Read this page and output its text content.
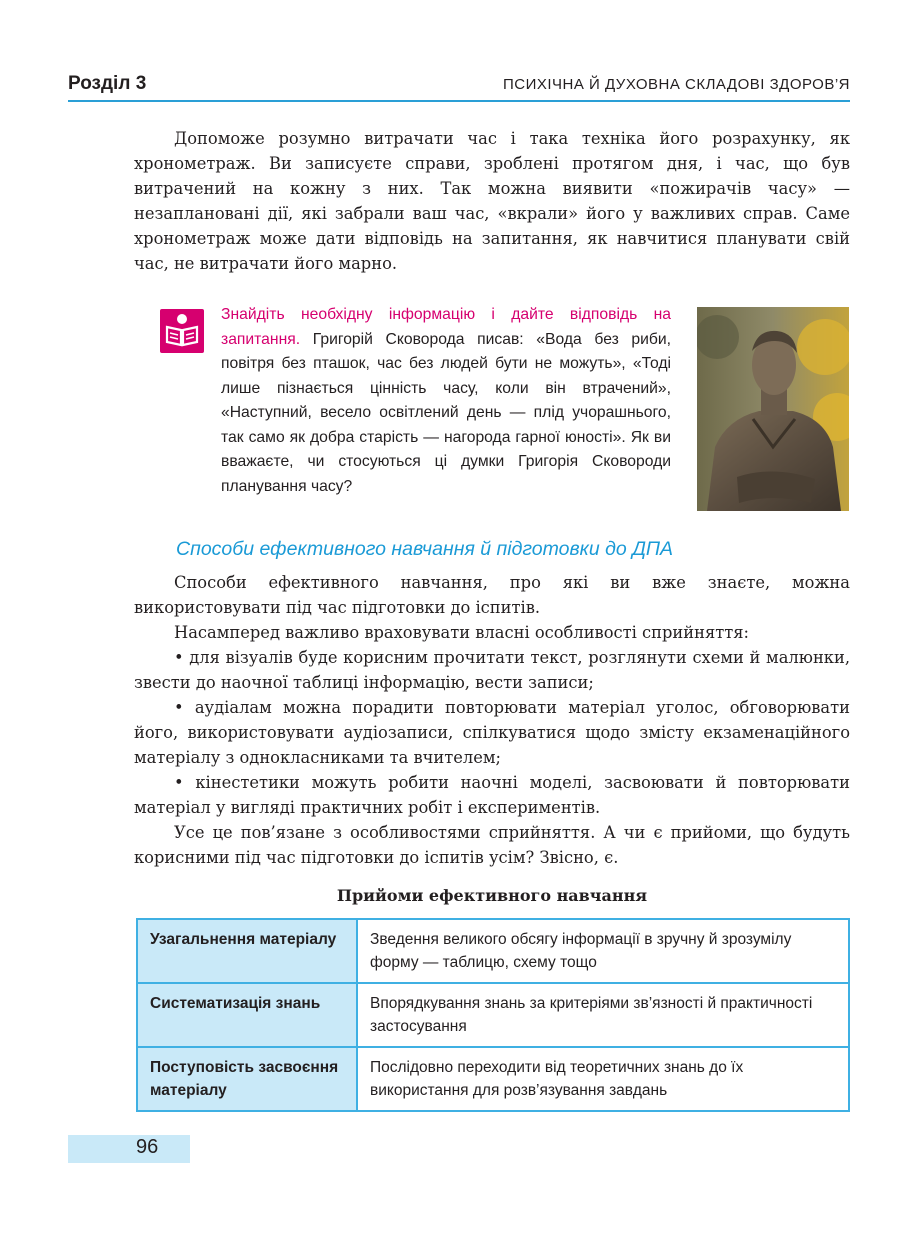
Розділ 3	ПСИХІЧНА Й ДУХОВНА СКЛАДОВІ ЗДОРОВ’Я

Допоможе розумно витрачати час і така техніка його розрахунку, як хронометраж. Ви записуєте справи, зроблені протягом дня, і час, що був витрачений на кожну з них. Так можна виявити «пожирачів часу» — незаплановані дії, які забрали ваш час, «вкрали» його у важливих справ. Саме хронометраж може дати відповідь на запитання, як навчитися планувати свій час, не витрачати його марно.

Знайдіть необхідну інформацію і дайте відповідь на запитання. Григорій Сковорода писав: «Вода без риби, повітря без пташок, час без людей бути не можуть», «Тоді лише пізнається цінність часу, коли він втрачений», «Наступний, весело освітлений день — плід учорашнього, так само як добра старість — нагорода гарної юності». Як ви вважаєте, чи стосуються ці думки Григорія Сковороди планування часу?

Способи ефективного навчання й підготовки до ДПА

Способи ефективного навчання, про які ви вже знаєте, можна використовувати під час підготовки до іспитів.

Насамперед важливо враховувати власні особливості сприйняття:

• для візуалів буде корисним прочитати текст, розглянути схеми й малюнки, звести до наочної таблиці інформацію, вести записи;

• аудіалам можна порадити повторювати матеріал уголос, обговорювати його, використовувати аудіозаписи, спілкуватися щодо змісту екзаменаційного матеріалу з однокласниками та вчителем;

• кінестетики можуть робити наочні моделі, засвоювати й повторювати матеріал у вигляді практичних робіт і експериментів.

Усе це пов’язане з особливостями сприйняття. А чи є прийоми, що будуть корисними під час підготовки до іспитів усім? Звісно, є.

Прийоми ефективного навчання
Узагальнення матеріалу	Зведення великого обсягу інформації в зручну й зрозумілу форму — таблицю, схему тощо
Систематизація знань	Впорядкування знань за критеріями зв’язності й практичності застосування
Поступовість засвоєння матеріалу	Послідовно переходити від теоретичних знань до їх використання для розв’язування завдань
96
